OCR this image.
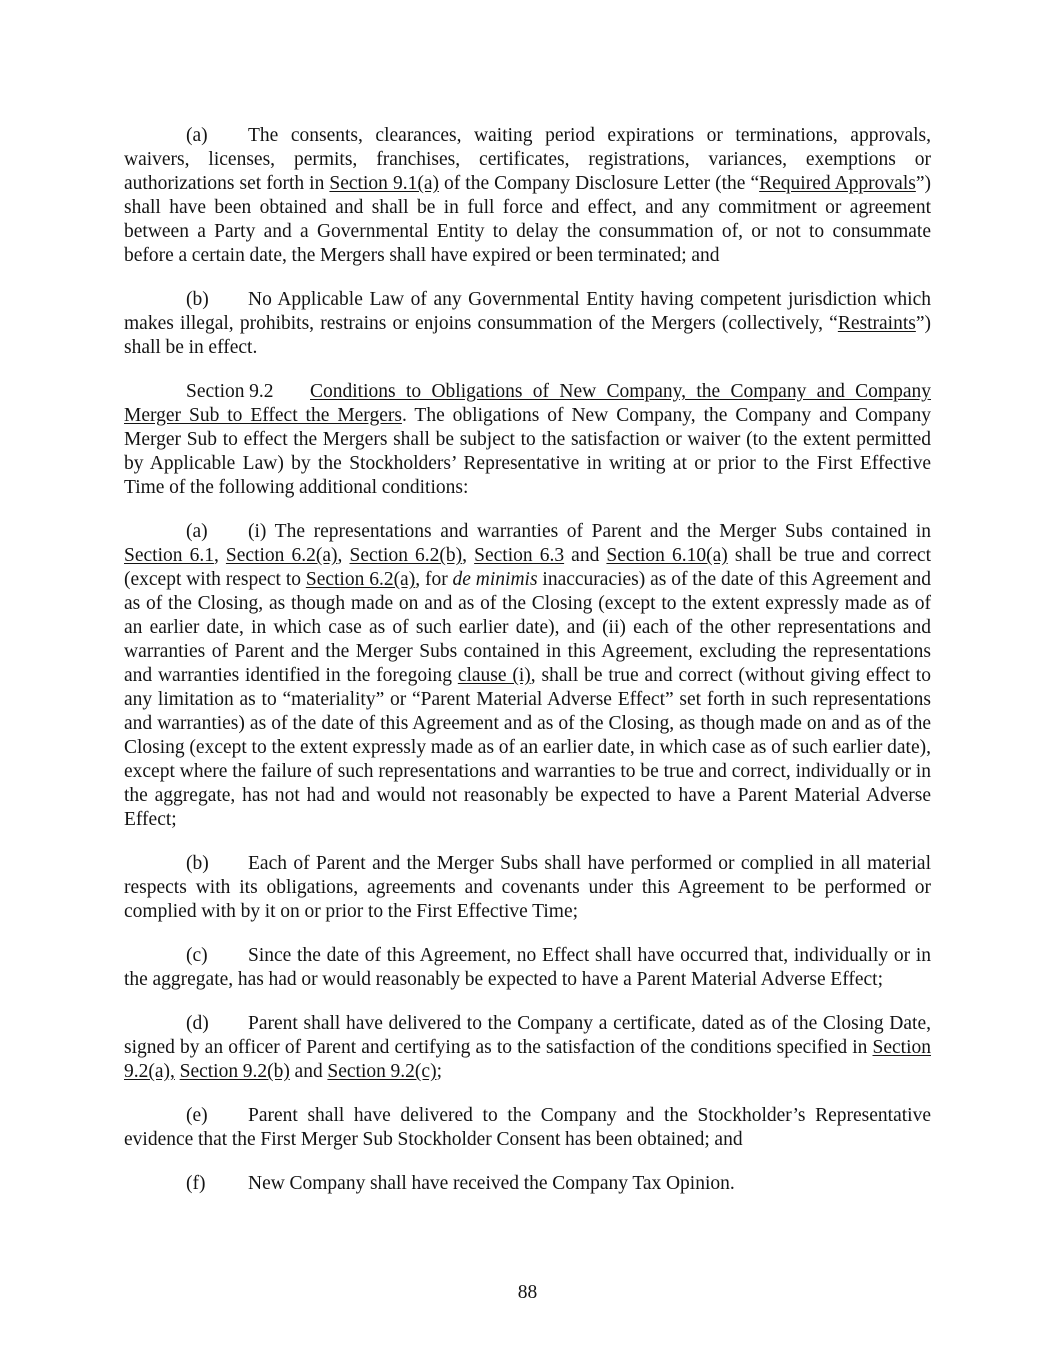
(a) The consents, clearances, waiting period expirations or terminations, approvals, waivers, licenses, permits, franchises, certificates, registrations, variances, exemptions or authorizations set forth in Section 9.1(a) of the Company Disclosure Letter (the “Required Approvals”) shall have been obtained and shall be in full force and effect, and any commitment or agreement between a Party and a Governmental Entity to delay the consummation of, or not to consummate before a certain date, the Mergers shall have expired or been terminated; and

(b) No Applicable Law of any Governmental Entity having competent jurisdiction which makes illegal, prohibits, restrains or enjoins consummation of the Mergers (collectively, “Restraints”) shall be in effect.

Section 9.2 Conditions to Obligations of New Company, the Company and Company Merger Sub to Effect the Mergers. The obligations of New Company, the Company and Company Merger Sub to effect the Mergers shall be subject to the satisfaction or waiver (to the extent permitted by Applicable Law) by the Stockholders’ Representative in writing at or prior to the First Effective Time of the following additional conditions:

(a) (i) The representations and warranties of Parent and the Merger Subs contained in Section 6.1, Section 6.2(a), Section 6.2(b), Section 6.3 and Section 6.10(a) shall be true and correct (except with respect to Section 6.2(a), for de minimis inaccuracies) as of the date of this Agreement and as of the Closing, as though made on and as of the Closing (except to the extent expressly made as of an earlier date, in which case as of such earlier date), and (ii) each of the other representations and warranties of Parent and the Merger Subs contained in this Agreement, excluding the representations and warranties identified in the foregoing clause (i), shall be true and correct (without giving effect to any limitation as to “materiality” or “Parent Material Adverse Effect” set forth in such representations and warranties) as of the date of this Agreement and as of the Closing, as though made on and as of the Closing (except to the extent expressly made as of an earlier date, in which case as of such earlier date), except where the failure of such representations and warranties to be true and correct, individually or in the aggregate, has not had and would not reasonably be expected to have a Parent Material Adverse Effect;

(b) Each of Parent and the Merger Subs shall have performed or complied in all material respects with its obligations, agreements and covenants under this Agreement to be performed or complied with by it on or prior to the First Effective Time;

(c) Since the date of this Agreement, no Effect shall have occurred that, individually or in the aggregate, has had or would reasonably be expected to have a Parent Material Adverse Effect;

(d) Parent shall have delivered to the Company a certificate, dated as of the Closing Date, signed by an officer of Parent and certifying as to the satisfaction of the conditions specified in Section 9.2(a), Section 9.2(b) and Section 9.2(c);

(e) Parent shall have delivered to the Company and the Stockholder’s Representative evidence that the First Merger Sub Stockholder Consent has been obtained; and

(f) New Company shall have received the Company Tax Opinion.

88
